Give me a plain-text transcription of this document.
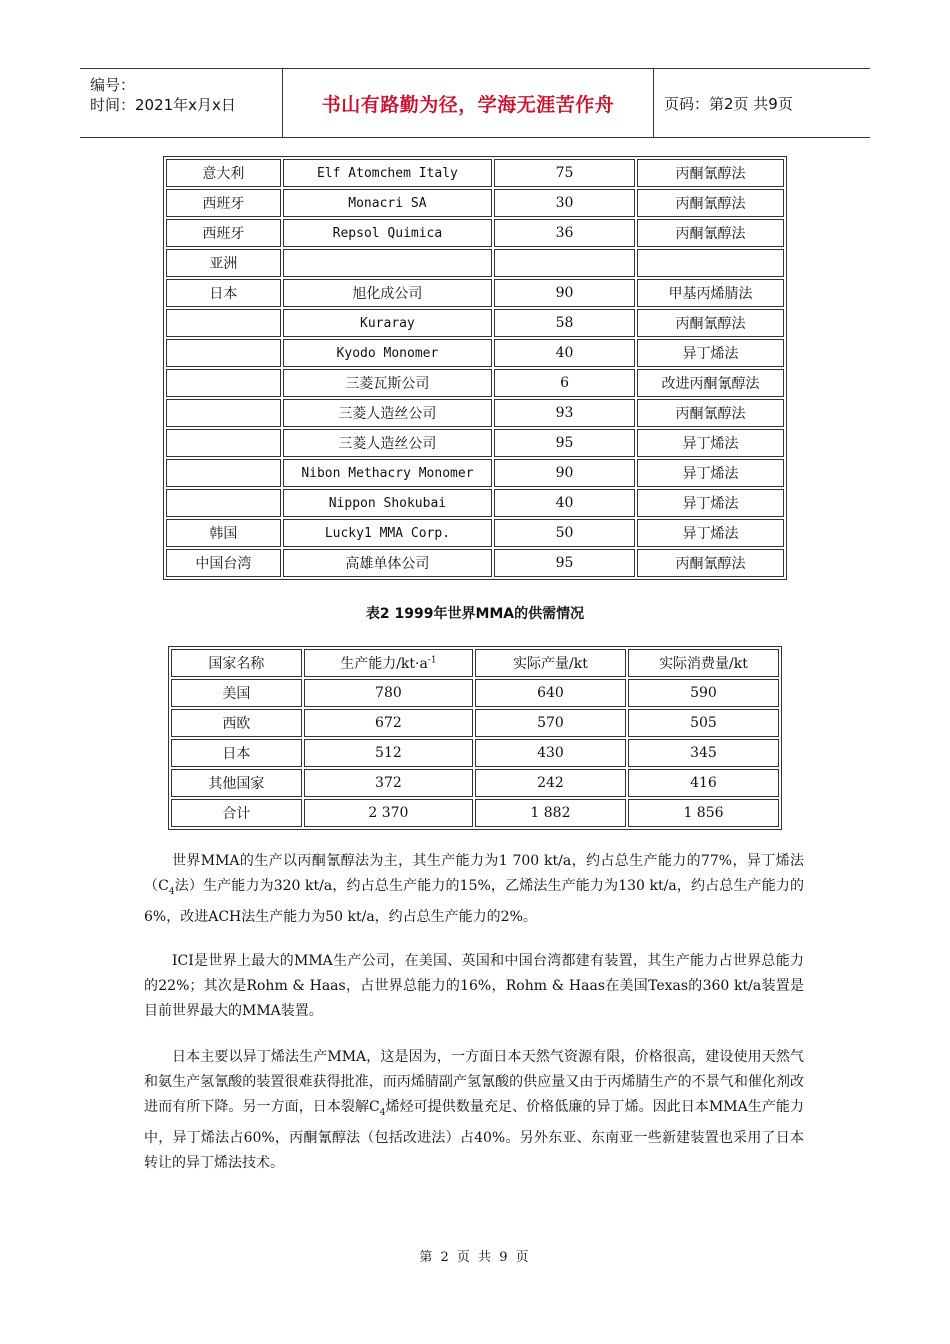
编号：
时间：2021年x月x日	书山有路勤为径，学海无涯苦作舟	页码：第2页 共9页
意大利	Elf Atomchem Italy	75	丙酮氰醇法
西班牙	Monacri SA	30	丙酮氰醇法
西班牙	Repsol Quimica	36	丙酮氰醇法
亚洲			
日本	旭化成公司	90	甲基丙烯腈法
	Kuraray	58	丙酮氰醇法
	Kyodo Monomer	40	异丁烯法
	三菱瓦斯公司	6	改进丙酮氰醇法
	三菱人造丝公司	93	丙酮氰醇法
	三菱人造丝公司	95	异丁烯法
	Nibon Methacry Monomer	90	异丁烯法
	Nippon Shokubai	40	异丁烯法
韩国	Lucky1 MMA Corp.	50	异丁烯法
中国台湾	高雄单体公司	95	丙酮氰醇法
表2 1999年世界MMA的供需情况
国家名称	生产能力$/kt\cdot a^{-1}$	实际产量/kt	实际消费量/kt
美国	780	640	590
西欧	672	570	505
日本	512	430	345
其他国家	372	242	416
合计	2 370	1 882	1 856

世界MMA的生产以丙酮氰醇法为主，其生产能力为1 700 kt/a，约占总生产能力的77%，异丁烯法（$C_4$法）生产能力为320 kt/a，约占总生产能力的15%，乙烯法生产能力为130 kt/a，约占总生产能力的6%，改进ACH法生产能力为50 kt/a，约占总生产能力的2%。

ICI是世界上最大的MMA生产公司，在美国、英国和中国台湾都建有装置，其生产能力占世界总能力的22%；其次是Rohm & Haas，占世界总能力的16%，Rohm & Haas在美国Texas的360 kt/a装置是目前世界最大的MMA装置。

日本主要以异丁烯法生产MMA，这是因为，一方面日本天然气资源有限，价格很高，建设使用天然气和氨生产氢氰酸的装置很难获得批准，而丙烯腈副产氢氰酸的供应量又由于丙烯腈生产的不景气和催化剂改进而有所下降。另一方面，日本裂解$C_4$烯烃可提供数量充足、价格低廉的异丁烯。因此日本MMA生产能力中，异丁烯法占60%，丙酮氰醇法（包括改进法）占40%。另外东亚、东南亚一些新建装置也采用了日本转让的异丁烯法技术。

第 2 页 共 9 页
